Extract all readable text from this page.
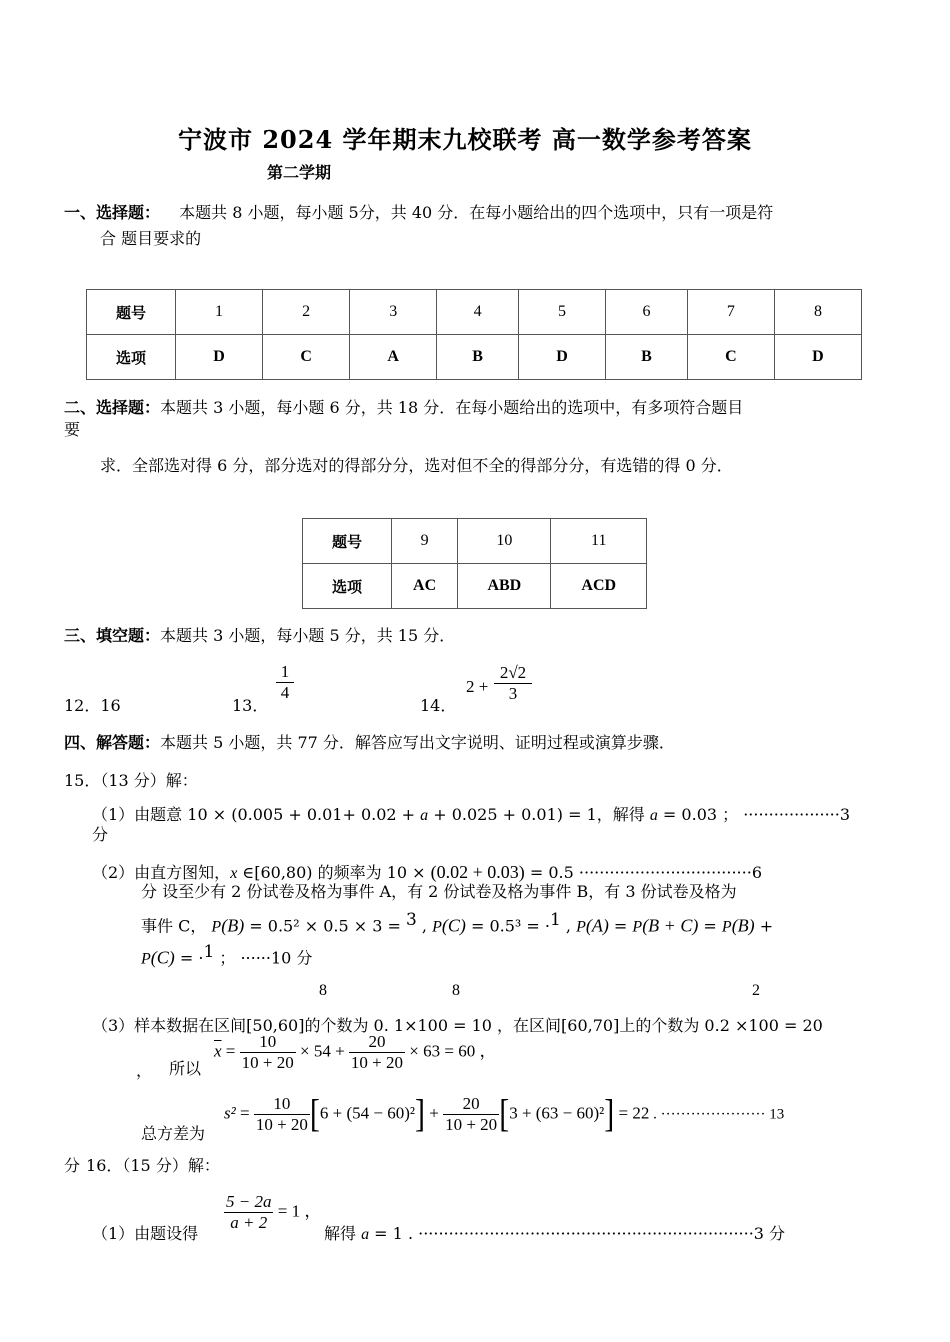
宁波市 2024 学年期末九校联考 高一数学参考答案
第二学期
一、选择题： 本题共 8 小题，每小题 5分，共 40 分．在每小题给出的四个选项中，只有一项是符
合 题目要求的
题号	1	2	3	4	5	6	7	8
选项	D	C	A	B	D	B	C	D
二、选择题：本题共 3 小题，每小题 6 分，共 18 分．在每小题给出的选项中，有多项符合题目
要
求．全部选对得 6 分，部分选对的得部分分，选对但不全的得部分分，有选错的得 0 分．
题号	9	10	11
选项	AC	ABD	ACD
三、填空题：本题共 3 小题，每小题 5 分，共 15 分．
12．16	13．
$\frac{1}{4}$
14．
$2 + \frac{2√2}{3}$
四、解答题：本题共 5 小题，共 77 分．解答应写出文字说明、证明过程或演算步骤．
15．（13 分）解：
（1）由题意 10 × (0.005 + 0.01+ 0.02 + a + 0.025 + 0.01) = 1，解得 a = 0.03 ； ···················3
分
（2）由直方图知，x ∈[60,80) 的频率为 10 × (0.02 + 0.03) = 0.5 ··································6
分 设至少有 2 份试卷及格为事件 A，有 2 份试卷及格为事件 B，有 3 份试卷及格为
事件 C， P(B) = 0.5² × 0.5 × 3 = $^3$ , P(C) = 0.5³ = ·$^1$ , P(A) = P(B + C) = P(B) +
P(C) = ·$^1$ ； ······10 分
8	8	2
（3）样本数据在区间[50,60]的个数为 0. 1×100 = 10 ，在区间[60,70]上的个数为 0.2 ×100 = 20
， 所以
$\overline{x} = \frac{10}{10 + 20} \times 54 + \frac{20}{10 + 20} \times 63 = 60$ ，
总方差为
$s^2 = \frac{10}{10 + 20} [6 + (54 - 60)^2] + \frac{20}{10 + 20} [3 + (63 - 60)^2] = 22$ . ····················· 13
分 16．（15 分）解：
（1）由题设得
$\frac{5 - 2a}{a + 2} = 1$ ，
解得 a = 1 . ··································································3 分
